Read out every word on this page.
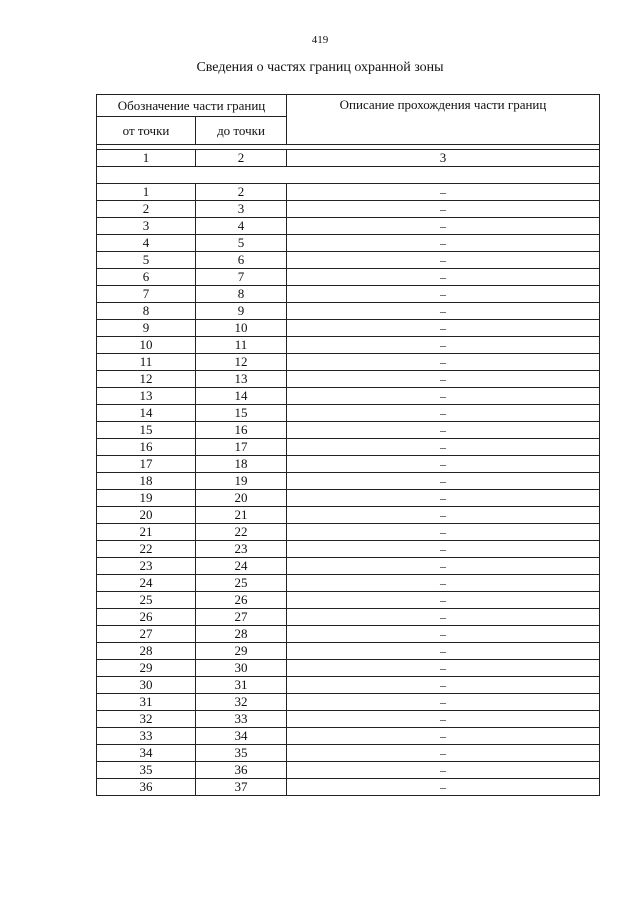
419
Сведения о частях границ охранной зоны
Обозначение части границ		Описание прохождения части границ
от точки	до точки	

1	2	3

1	2	–
2	3	–
3	4	–
4	5	–
5	6	–
6	7	–
7	8	–
8	9	–
9	10	–
10	11	–
11	12	–
12	13	–
13	14	–
14	15	–
15	16	–
16	17	–
17	18	–
18	19	–
19	20	–
20	21	–
21	22	–
22	23	–
23	24	–
24	25	–
25	26	–
26	27	–
27	28	–
28	29	–
29	30	–
30	31	–
31	32	–
32	33	–
33	34	–
34	35	–
35	36	–
36	37	–
